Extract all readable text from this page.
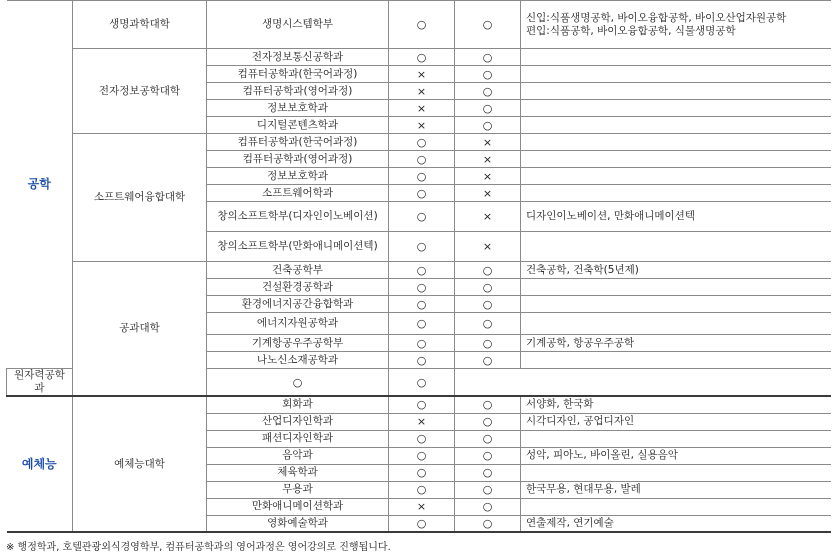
공학	생명과학대학	생명시스템학부	○	○	신입:식품생명공학, 바이오융합공학, 바이오산업자원공학
편입:식품공학, 바이오융합공학, 식물생명공학

	전자정보공학대학	전자정보통신공학과	○	○	
		컴퓨터공학과(한국어과정)	×	○	
		컴퓨터공학과(영어과정)	×	○	
		정보보호학과	×	○	
		디지털콘텐츠학과	×	○	
	소프트웨어융합대학	컴퓨터공학과(한국어과정)	○	×	
		컴퓨터공학과(영어과정)	○	×	
		정보보호학과	○	×	
		소프트웨어학과	○	×	
		창의소프트학부(디자인이노베이션)	○	×	디자인이노베이션, 만화애니메이션텍

		창의소프트학부(만화애니메이션텍)	○	×	
	공과대학	건축공학부	○	○	건축공학, 건축학(5년제)

		건설환경공학과	○	○	
		환경에너지공간융합학과	○	○	
		에너지자원공학과	○	○	
		기계항공우주공학부	○	○	기계공학, 항공우주공학

		나노신소재공학과	○	○	
원자력공학과		○	○		
예체능	예체능대학	회화과	○	○	서양화, 한국화

		산업디자인학과	×	○	시각디자인, 공업디자인

		패션디자인학과	○	○	
		음악과	○	○	성악, 피아노, 바이올린, 실용음악

		체육학과	○	○	
		무용과	○	○	한국무용, 현대무용, 발레

		만화애니메이션학과	×	○	
		영화예술학과	○	○	연출제작, 연기예술
※ 행정학과, 호텔관광외식경영학부, 컴퓨터공학과의 영어과정은 영어강의로 진행됩니다.
